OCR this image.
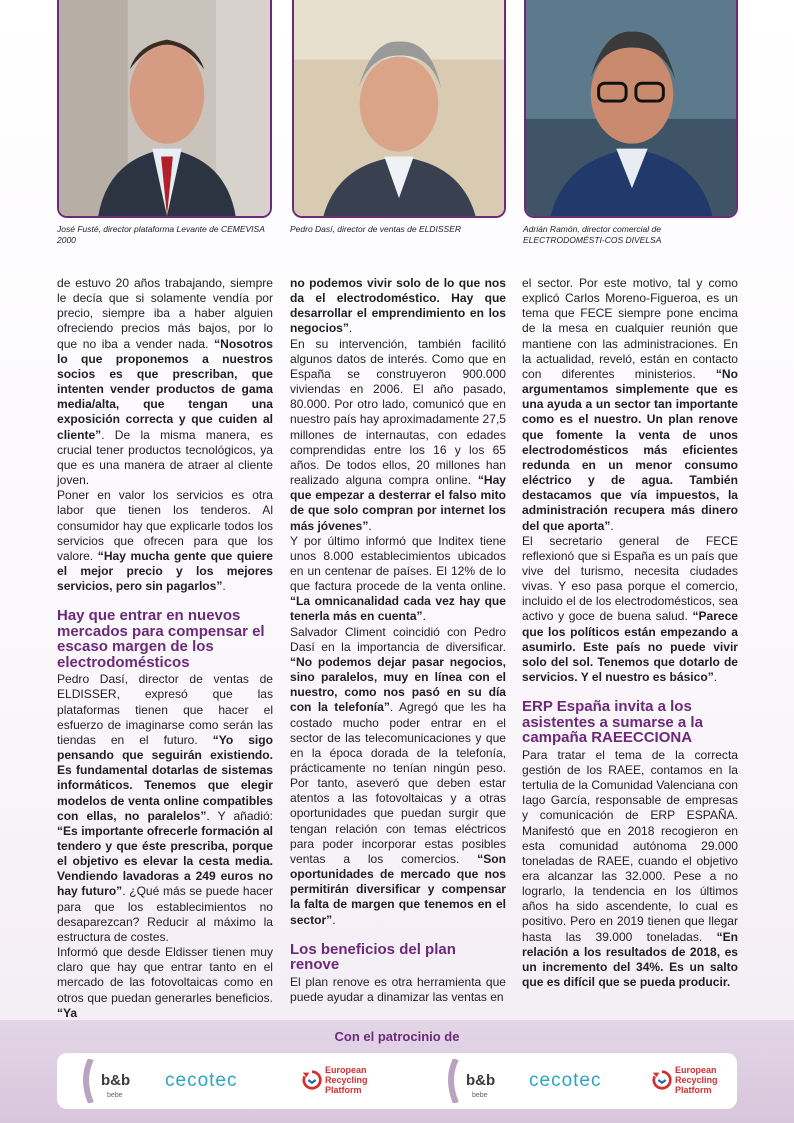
José Fusté, director plataforma Levante de CEMEVISA 2000
Pedro Dasí, director de ventas de ELDISSER	Adrián Ramón, director comercial de ELECTRODOMÉSTI-COS DIVELSA

de estuvo 20 años trabajando, siempre le decía que si solamente vendía por precio, siempre iba a haber alguien ofreciendo precios más bajos, por lo que no iba a vender nada. “Nosotros lo que proponemos a nuestros socios es que prescriban, que intenten vender productos de gama media/alta, que tengan una exposición correcta y que cuiden al cliente”. De la misma manera, es crucial tener productos tecnológicos, ya que es una manera de atraer al cliente joven.

Poner en valor los servicios es otra labor que tienen los tenderos. Al consumidor hay que explicarle todos los servicios que ofrecen para que los valore. “Hay mucha gente que quiere el mejor precio y los mejores servicios, pero sin pagarlos”.

Hay que entrar en nuevos mercados para compensar el escaso margen de los electrodomésticos

Pedro Dasí, director de ventas de ELDISSER, expresó que las plataformas tienen que hacer el esfuerzo de imaginarse como serán las tiendas en el futuro. “Yo sigo pensando que seguirán existiendo. Es fundamental dotarlas de sistemas informáticos. Tenemos que elegir modelos de venta online compatibles con ellas, no paralelos”. Y añadió: “Es importante ofrecerle formación al tendero y que éste prescriba, porque el objetivo es elevar la cesta media. Vendiendo lavadoras a 249 euros no hay futuro”. ¿Qué más se puede hacer para que los establecimientos no desaparezcan? Reducir al máximo la estructura de costes.

Informó que desde Eldisser tienen muy claro que hay que entrar tanto en el mercado de las fotovoltaicas como en otros que puedan generarles beneficios. “Ya

no podemos vivir solo de lo que nos da el electrodoméstico. Hay que desarrollar el emprendimiento en los negocios”.

En su intervención, también facilitó algunos datos de interés. Como que en España se construyeron 900.000 viviendas en 2006. El año pasado, 80.000. Por otro lado, comunicó que en nuestro país hay aproximadamente 27,5 millones de internautas, con edades comprendidas entre los 16 y los 65 años. De todos ellos, 20 millones han realizado alguna compra online. “Hay que empezar a desterrar el falso mito de que solo compran por internet los más jóvenes”.

Y por último informó que Inditex tiene unos 8.000 establecimientos ubicados en un centenar de países. El 12% de lo que factura procede de la venta online. “La omnicanalidad cada vez hay que tenerla más en cuenta”.

Salvador Climent coincidió con Pedro Dasí en la importancia de diversificar. “No podemos dejar pasar negocios, sino paralelos, muy en línea con el nuestro, como nos pasó en su día con la telefonía”. Agregó que les ha costado mucho poder entrar en el sector de las telecomunicaciones y que en la época dorada de la telefonía, prácticamente no tenían ningún peso. Por tanto, aseveró que deben estar atentos a las fotovoltaicas y a otras oportunidades que puedan surgir que tengan relación con temas eléctricos para poder incorporar estas posibles ventas a los comercios. “Son oportunidades de mercado que nos permitirán diversificar y compensar la falta de margen que tenemos en el sector”.

Los beneficios del plan renove

El plan renove es otra herramienta que puede ayudar a dinamizar las ventas en

el sector. Por este motivo, tal y como explicó Carlos Moreno-Figueroa, es un tema que FECE siempre pone encima de la mesa en cualquier reunión que mantiene con las administraciones. En la actualidad, reveló, están en contacto con diferentes ministerios. “No argumentamos simplemente que es una ayuda a un sector tan importante como es el nuestro. Un plan renove que fomente la venta de unos electrodomésticos más eficientes redunda en un menor consumo eléctrico y de agua. También destacamos que vía impuestos, la administración recupera más dinero del que aporta”.

El secretario general de FECE reflexionó que si España es un país que vive del turismo, necesita ciudades vivas. Y eso pasa porque el comercio, incluido el de los electrodomésticos, sea activo y goce de buena salud. “Parece que los políticos están empezando a asumirlo. Este país no puede vivir solo del sol. Tenemos que dotarlo de servicios. Y el nuestro es básico”.

ERP España invita a los asistentes a sumarse a la campaña RAEECCIONA

Para tratar el tema de la correcta gestión de los RAEE, contamos en la tertulia de la Comunidad Valenciana con Iago García, responsable de empresas y comunicación de ERP ESPAÑA. Manifestó que en 2018 recogieron en esta comunidad autónoma 29.000 toneladas de RAEE, cuando el objetivo era alcanzar las 32.000. Pese a no lograrlo, la tendencia en los últimos años ha sido ascendente, lo cual es positivo. Pero en 2019 tienen que llegar hasta las 39.000 toneladas. “En relación a los resultados de 2018, es un incremento del 34%. Es un salto que es difícil que se pueda producir.

Con el patrocinio de
b&b
bebe
cecotec	European Recycling Platform
b&b
bebe
cecotec	European Recycling Platform
